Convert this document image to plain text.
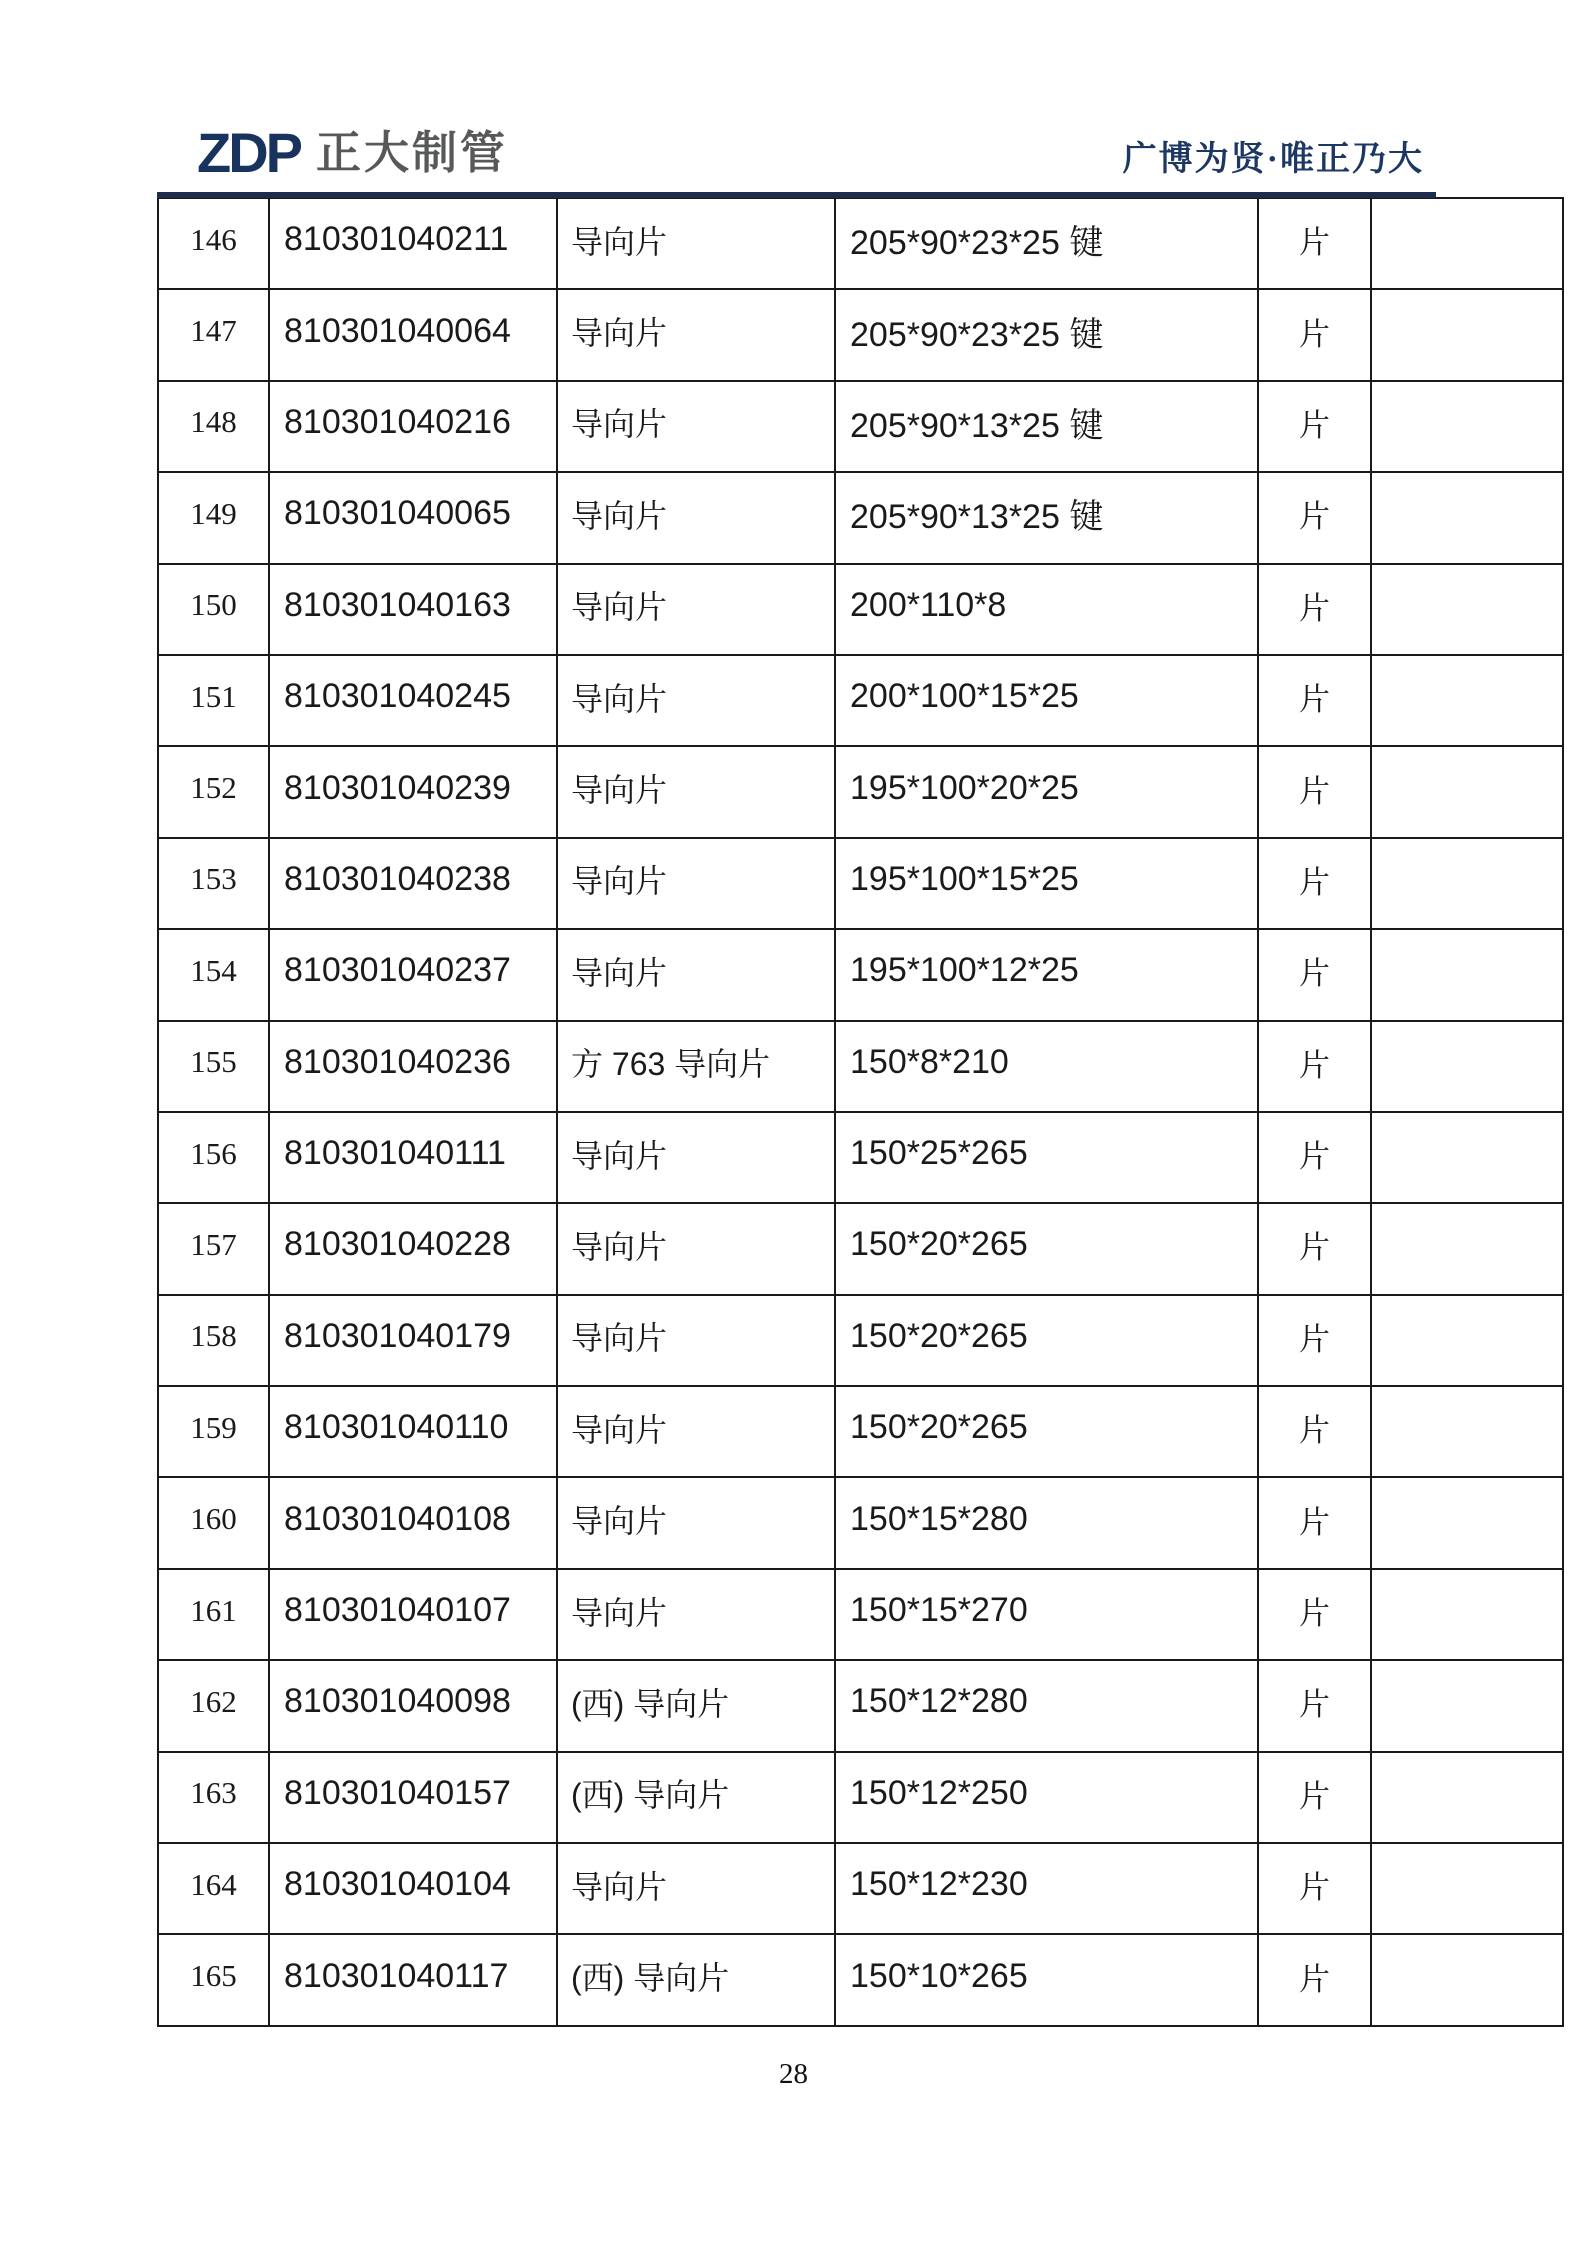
ZDP 正大制管	广博为贤·唯正乃大
146	810301040211	导向片	205*90*23*25 键	片	
147	810301040064	导向片	205*90*23*25 键	片	
148	810301040216	导向片	205*90*13*25 键	片	
149	810301040065	导向片	205*90*13*25 键	片	
150	810301040163	导向片	200*110*8	片	
151	810301040245	导向片	200*100*15*25	片	
152	810301040239	导向片	195*100*20*25	片	
153	810301040238	导向片	195*100*15*25	片	
154	810301040237	导向片	195*100*12*25	片	
155	810301040236	方 763 导向片	150*8*210	片	
156	810301040111	导向片	150*25*265	片	
157	810301040228	导向片	150*20*265	片	
158	810301040179	导向片	150*20*265	片	
159	810301040110	导向片	150*20*265	片	
160	810301040108	导向片	150*15*280	片	
161	810301040107	导向片	150*15*270	片	
162	810301040098	(西) 导向片	150*12*280	片	
163	810301040157	(西) 导向片	150*12*250	片	
164	810301040104	导向片	150*12*230	片	
165	810301040117	(西) 导向片	150*10*265	片	
28
